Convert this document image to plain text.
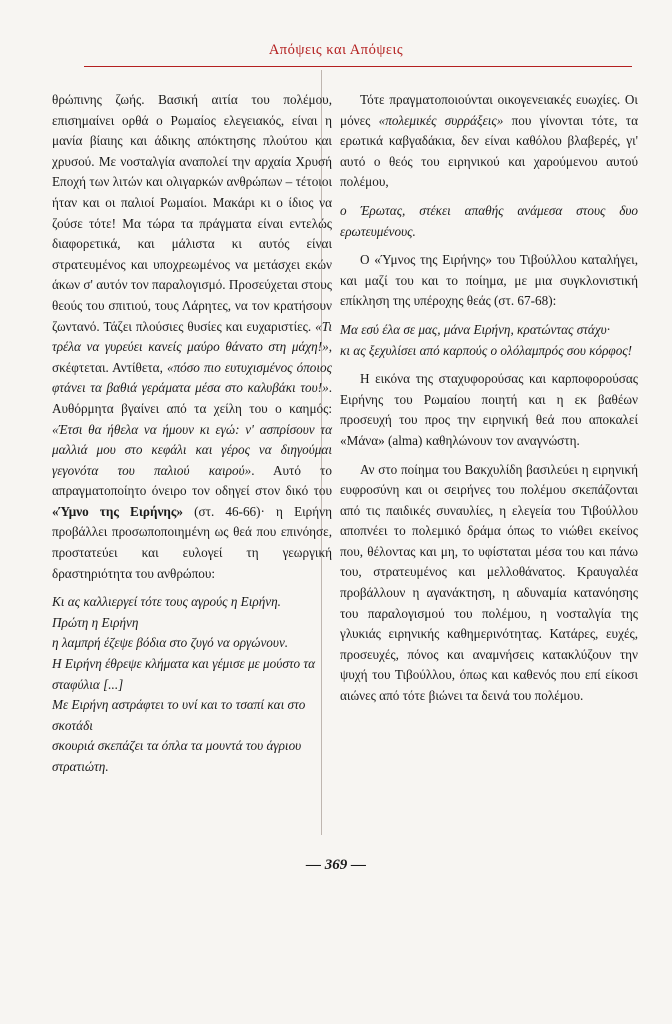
Απόψεις και Απόψεις

θρώπινης ζωής. Βασική αιτία του πολέμου, επισημαίνει ορθά ο Ρωμαίος ελεγειακός, είναι η μανία βίαιης και άδικης απόκτησης πλούτου και χρυσού. Με νοσταλγία αναπολεί την αρχαία Χρυσή Εποχή των λιτών και ολιγαρκών ανθρώπων – τέτοιοι ήταν και οι παλιοί Ρωμαίοι. Μακάρι κι ο ίδιος να ζούσε τότε! Μα τώρα τα πράγματα είναι εντελώς διαφορετικά, και μάλιστα κι αυτός είναι στρατευμένος και υποχρεωμένος να μετάσχει εκών άκων σ' αυτόν τον παραλογισμό. Προσεύχεται στους θεούς του σπιτιού, τους Λάρητες, να τον κρατήσουν ζωντανό. Τάζει πλούσιες θυσίες και ευχαριστίες. «Τι τρέλα να γυρεύει κανείς μαύρο θάνατο στη μάχη!», σκέφτεται. Αντίθετα, «πόσο πιο ευτυχισμένος όποιος φτάνει τα βαθιά γεράματα μέσα στο καλυβάκι του!». Αυθόρμητα βγαίνει από τα χείλη του ο καημός: «Έτσι θα ήθελα να ήμουν κι εγώ: ν' ασπρίσουν τα μαλλιά μου στο κεφάλι και γέρος να διηγούμαι γεγονότα του παλιού καιρού». Αυτό το απραγματοποίητο όνειρο τον οδηγεί στον δικό του «Ύμνο της Ειρήνης» (στ. 46-66)· η Ειρήνη προβάλλει προσωποποιημένη ως θεά που επινόησε, προστατεύει και ευλογεί τη γεωργική δραστηριότητα του ανθρώπου:

Κι ας καλλιεργεί τότε τους αγρούς η Ειρήνη.
Πρώτη η Ειρήνη
η λαμπρή έζεψε βόδια στο ζυγό να οργώνουν.
Η Ειρήνη έθρεψε κλήματα και γέμισε με μούστο τα σταφύλια [...]
Με Ειρήνη αστράφτει το υνί και το τσαπί και στο σκοτάδι
σκουριά σκεπάζει τα όπλα τα μουντά του άγριου στρατιώτη.

Τότε πραγματοποιούνται οικογενειακές ευωχίες. Οι μόνες «πολεμικές συρράξεις» που γίνονται τότε, τα ερωτικά καβγαδάκια, δεν είναι καθόλου βλαβερές, γι' αυτό ο θεός του ειρηνικού και χαρούμενου αυτού πολέμου,

ο Έρωτας, στέκει απαθής ανάμεσα στους δυο ερωτευμένους.

Ο «Ύμνος της Ειρήνης» του Τιβούλλου καταλήγει, και μαζί του και το ποίημα, με μια συγκλονιστική επίκληση της υπέροχης θεάς (στ. 67-68):

Μα εσύ έλα σε μας, μάνα Ειρήνη, κρατώντας στάχυ·
κι ας ξεχυλίσει από καρπούς ο ολόλαμπρός σου κόρφος!

Η εικόνα της σταχυφορούσας και καρποφορούσας Ειρήνης του Ρωμαίου ποιητή και η εκ βαθέων προσευχή του προς την ειρηνική θεά που αποκαλεί «Μάνα» (alma) καθηλώνουν τον αναγνώστη.

Αν στο ποίημα του Βακχυλίδη βασιλεύει η ειρηνική ευφροσύνη και οι σειρήνες του πολέμου σκεπάζονται από τις παιδικές συναυλίες, η ελεγεία του Τιβούλλου αποπνέει το πολεμικό δράμα όπως το νιώθει εκείνος που, θέλοντας και μη, το υφίσταται μέσα του και πάνω του, στρατευμένος και μελλοθάνατος. Κραυγαλέα προβάλλουν η αγανάκτηση, η αδυναμία κατανόησης του παραλογισμού του πολέμου, η νοσταλγία της γλυκιάς ειρηνικής καθημερινότητας. Κατάρες, ευχές, προσευχές, πόνος και αναμνήσεις κατακλύζουν την ψυχή του Τιβούλλου, όπως και καθενός που επί είκοσι αιώνες από τότε βιώνει τα δεινά του πολέμου.

— 369 —
